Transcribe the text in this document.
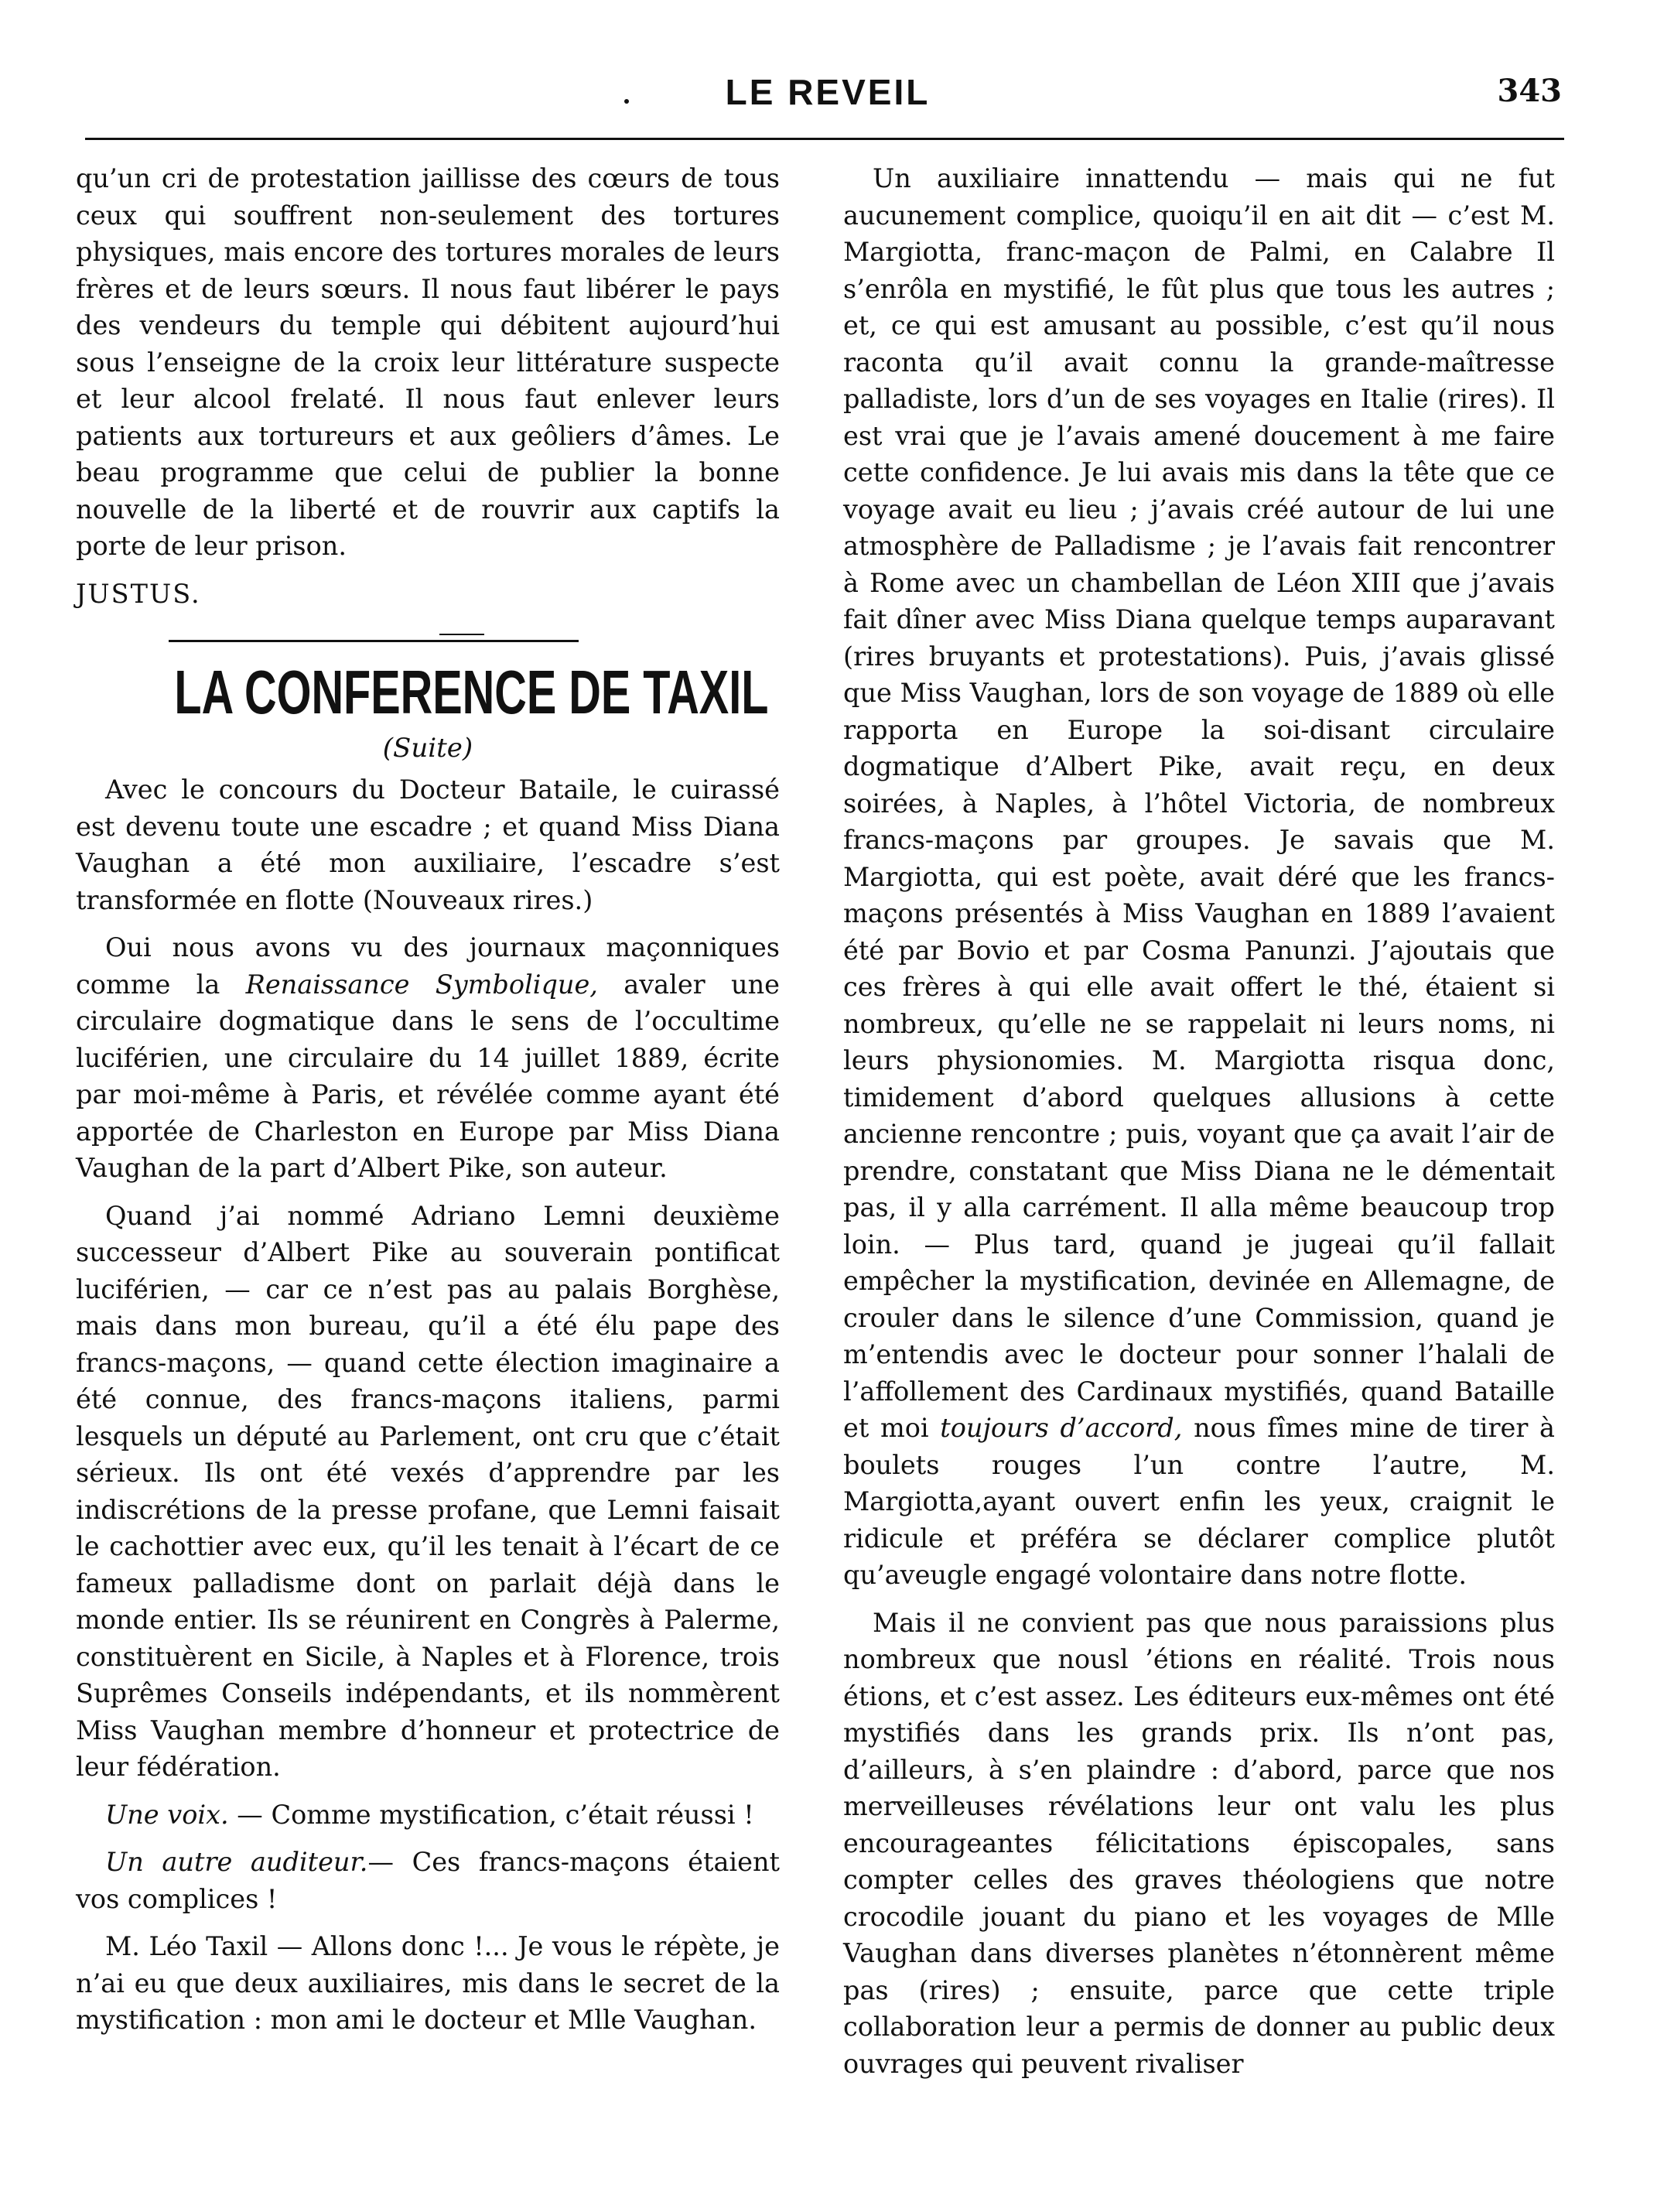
LE REVEIL	343

qu’un cri de protestation jaillisse des cœurs de tous ceux qui souffrent non-seulement des tortures physiques, mais encore des tortures morales de leurs frères et de leurs sœurs. Il nous faut libérer le pays des vendeurs du temple qui débitent aujourd’hui sous l’enseigne de la croix leur littérature suspecte et leur alcool frelaté. Il nous faut enlever leurs patients aux tortureurs et aux geôliers d’âmes. Le beau programme que celui de publier la bonne nouvelle de la liberté et de rouvrir aux captifs la porte de leur prison.

JUSTUS.

LA CONFERENCE DE TAXIL
(Suite)

Avec le concours du Docteur Bataile, le cuirassé est devenu toute une escadre ; et quand Miss Diana Vaughan a été mon auxiliaire, l’escadre s’est transformée en flotte (Nouveaux rires.)

Oui nous avons vu des journaux maçonniques comme la Renaissance Symbolique, avaler une circulaire dogmatique dans le sens de l’occultime luciférien, une circulaire du 14 juillet 1889, écrite par moi-même à Paris, et révélée comme ayant été apportée de Charleston en Europe par Miss Diana Vaughan de la part d’Albert Pike, son auteur.

Quand j’ai nommé Adriano Lemni deuxième successeur d’Albert Pike au souverain pontificat luciférien, — car ce n’est pas au palais Borghèse, mais dans mon bureau, qu’il a été élu pape des francs-maçons, — quand cette élection imaginaire a été connue, des francs-maçons italiens, parmi lesquels un député au Parlement, ont cru que c’était sérieux. Ils ont été vexés d’apprendre par les indiscrétions de la presse profane, que Lemni faisait le cachottier avec eux, qu’il les tenait à l’écart de ce fameux palladisme dont on parlait déjà dans le monde entier. Ils se réunirent en Congrès à Palerme, constituèrent en Sicile, à Naples et à Florence, trois Suprêmes Conseils indépendants, et ils nommèrent Miss Vaughan membre d’honneur et protectrice de leur fédération.

Une voix. — Comme mystification, c’était réussi !

Un autre auditeur.— Ces francs-maçons étaient vos complices !

M. Léo Taxil — Allons donc !... Je vous le répète, je n’ai eu que deux auxiliaires, mis dans le secret de la mystification : mon ami le docteur et Mlle Vaughan.

Un auxiliaire innattendu — mais qui ne fut aucunement complice, quoiqu’il en ait dit — c’est M. Margiotta, franc-maçon de Palmi, en Calabre Il s’enrôla en mystifié, le fût plus que tous les autres ; et, ce qui est amusant au possible, c’est qu’il nous raconta qu’il avait connu la grande-maîtresse palladiste, lors d’un de ses voyages en Italie (rires). Il est vrai que je l’avais amené doucement à me faire cette confidence. Je lui avais mis dans la tête que ce voyage avait eu lieu ; j’avais créé autour de lui une atmosphère de Palladisme ; je l’avais fait rencontrer à Rome avec un chambellan de Léon XIII que j’avais fait dîner avec Miss Diana quelque temps auparavant (rires bruyants et protestations). Puis, j’avais glissé que Miss Vaughan, lors de son voyage de 1889 où elle rapporta en Europe la soi-disant circulaire dogmatique d’Albert Pike, avait reçu, en deux soirées, à Naples, à l’hôtel Victoria, de nombreux francs-maçons par groupes. Je savais que M. Margiotta, qui est poète, avait déré que les francs-maçons présentés à Miss Vaughan en 1889 l’avaient été par Bovio et par Cosma Panunzi. J’ajoutais que ces frères à qui elle avait offert le thé, étaient si nombreux, qu’elle ne se rappelait ni leurs noms, ni leurs physionomies. M. Margiotta risqua donc, timidement d’abord quelques allusions à cette ancienne rencontre ; puis, voyant que ça avait l’air de prendre, constatant que Miss Diana ne le démentait pas, il y alla carrément. Il alla même beaucoup trop loin. — Plus tard, quand je jugeai qu’il fallait empêcher la mystification, devinée en Allemagne, de crouler dans le silence d’une Commission, quand je m’entendis avec le docteur pour sonner l’halali de l’affollement des Cardinaux mystifiés, quand Bataille et moi toujours d’accord, nous fîmes mine de tirer à boulets rouges l’un contre l’autre, M. Margiotta,ayant ouvert enfin les yeux, craignit le ridicule et préféra se déclarer complice plutôt qu’aveugle engagé volontaire dans notre flotte.

Mais il ne convient pas que nous paraissions plus nombreux que nousl ’étions en réalité. Trois nous étions, et c’est assez. Les éditeurs eux-mêmes ont été mystifiés dans les grands prix. Ils n’ont pas, d’ailleurs, à s’en plaindre : d’abord, parce que nos merveilleuses révélations leur ont valu les plus encourageantes félicitations épiscopales, sans compter celles des graves théologiens que notre crocodile jouant du piano et les voyages de Mlle Vaughan dans diverses planètes n’étonnèrent même pas (rires) ; ensuite, parce que cette triple collaboration leur a permis de donner au public deux ouvrages qui peuvent rivaliser
